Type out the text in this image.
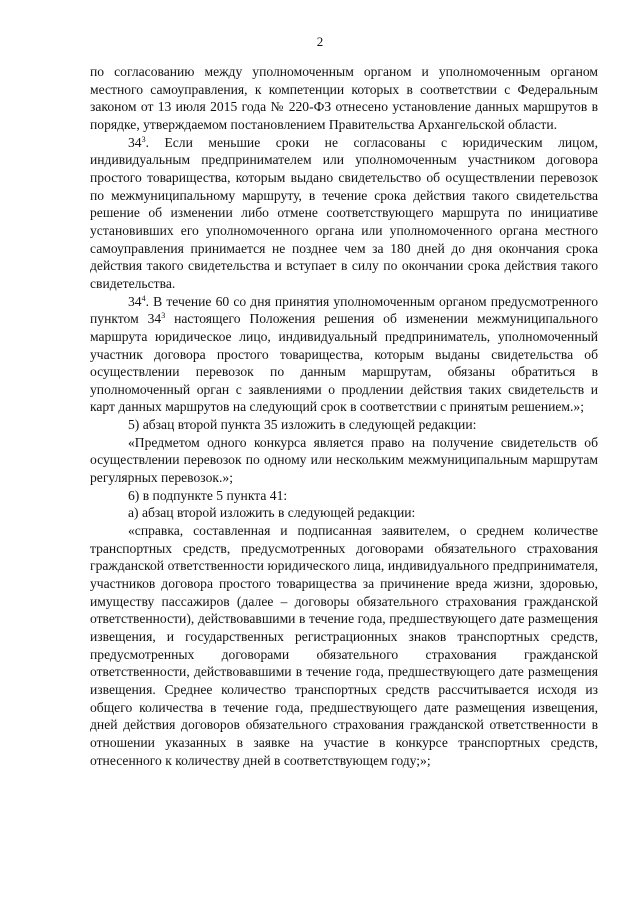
2

по согласованию между уполномоченным органом и уполномоченным органом местного самоуправления, к компетенции которых в соответствии с Федеральным законом от 13 июля 2015 года № 220-ФЗ отнесено установление данных маршрутов в порядке, утверждаемом постановлением Правительства Архангельской области.

$34^3$. Если меньшие сроки не согласованы с юридическим лицом, индивидуальным предпринимателем или уполномоченным участником договора простого товарищества, которым выдано свидетельство об осуществлении перевозок по межмуниципальному маршруту, в течение срока действия такого свидетельства решение об изменении либо отмене соответствующего маршрута по инициативе установивших его уполномоченного органа или уполномоченного органа местного самоуправления принимается не позднее чем за 180 дней до дня окончания срока действия такого свидетельства и вступает в силу по окончании срока действия такого свидетельства.

$34^4$. В течение 60 со дня принятия уполномоченным органом предусмотренного пунктом $34^3$ настоящего Положения решения об изменении межмуниципального маршрута юридическое лицо, индивидуальный предприниматель, уполномоченный участник договора простого товарищества, которым выданы свидетельства об осуществлении перевозок по данным маршрутам, обязаны обратиться в уполномоченный орган с заявлениями о продлении действия таких свидетельств и карт данных маршрутов на следующий срок в соответствии с принятым решением.»;

5) абзац второй пункта 35 изложить в следующей редакции:

«Предметом одного конкурса является право на получение свидетельств об осуществлении перевозок по одному или нескольким межмуниципальным маршрутам регулярных перевозок.»;

6) в подпункте 5 пункта 41:

а) абзац второй изложить в следующей редакции:

«справка, составленная и подписанная заявителем, о среднем количестве транспортных средств, предусмотренных договорами обязательного страхования гражданской ответственности юридического лица, индивидуального предпринимателя, участников договора простого товарищества за причинение вреда жизни, здоровью, имуществу пассажиров (далее – договоры обязательного страхования гражданской ответственности), действовавшими в течение года, предшествующего дате размещения извещения, и государственных регистрационных знаков транспортных средств, предусмотренных договорами обязательного страхования гражданской ответственности, действовавшими в течение года, предшествующего дате размещения извещения. Среднее количество транспортных средств рассчитывается исходя из общего количества в течение года, предшествующего дате размещения извещения, дней действия договоров обязательного страхования гражданской ответственности в отношении указанных в заявке на участие в конкурсе транспортных средств, отнесенного к количеству дней в соответствующем году;»;
